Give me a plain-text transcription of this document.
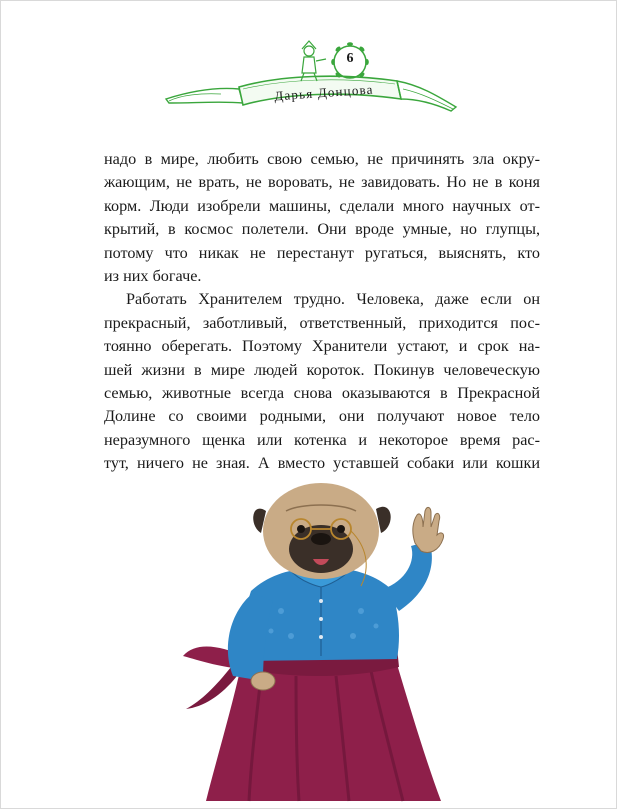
6
Дарья Донцова
надо в мире, любить свою семью, не причинять зла окру-
жающим, не врать, не воровать, не завидовать. Но не в коня
корм. Люди изобрели машины, сделали много научных от-
крытий, в космос полетели. Они вроде умные, но глупцы,
потому что никак не перестанут ругаться, выяснять, кто
из них богаче.
Работать Хранителем трудно. Человека, даже если он
прекрасный, заботливый, ответственный, приходится пос-
тоянно оберегать. Поэтому Хранители устают, и срок на-
шей жизни в мире людей короток. Покинув человеческую
семью, животные всегда снова оказываются в Прекрасной
Долине со своими родными, они получают новое тело
неразумного щенка или котенка и некоторое время рас-
тут, ничего не зная. А вместо уставшей собаки или кошки
